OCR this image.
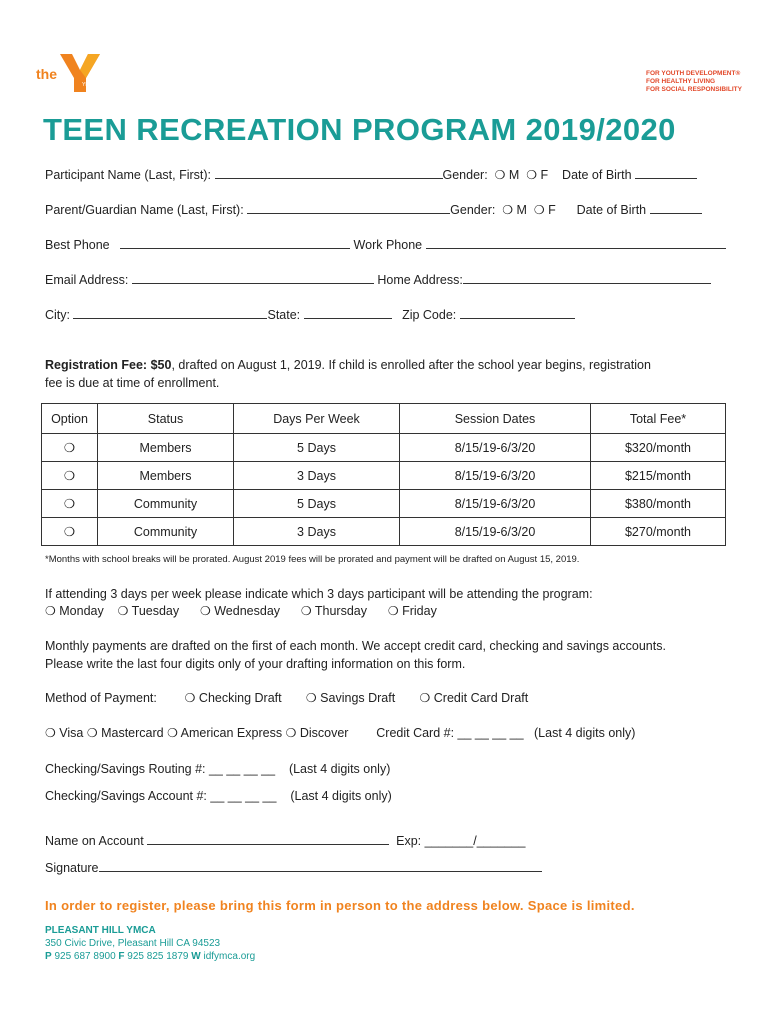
the
YMCA
FOR YOUTH DEVELOPMENT®
FOR HEALTHY LIVING
FOR SOCIAL RESPONSIBILITY
TEEN RECREATION PROGRAM 2019/2020
Participant Name (Last, First):	Gender: ❍ M ❍ F Date of Birth
Parent/Guardian Name (Last, First):	Gender: ❍ M ❍ F Date of Birth
Best Phone	Work Phone
Email Address:	Home Address:
City:	State:	Zip Code:
Registration Fee: $50, drafted on August 1, 2019. If child is enrolled after the school year begins, registration
fee is due at time of enrollment.
Option	Status	Days Per Week	Session Dates	Total Fee*
❍	Members	5 Days	8/15/19-6/3/20	$320/month
❍	Members	3 Days	8/15/19-6/3/20	$215/month
❍	Community	5 Days	8/15/19-6/3/20	$380/month
❍	Community	3 Days	8/15/19-6/3/20	$270/month
*Months with school breaks will be prorated. August 2019 fees will be prorated and payment will be drafted on August 15, 2019.
If attending 3 days per week please indicate which 3 days participant will be attending the program:
❍ Monday ❍ Tuesday ❍ Wednesday ❍ Thursday ❍ Friday
Monthly payments are drafted on the first of each month. We accept credit card, checking and savings accounts.
Please write the last four digits only of your drafting information on this form.
Method of Payment: ❍ Checking Draft ❍ Savings Draft ❍ Credit Card Draft
❍ Visa ❍ Mastercard ❍ American Express ❍ Discover Credit Card #: __ __ __ __ (Last 4 digits only)
Checking/Savings Routing #: __ __ __ __ (Last 4 digits only)
Checking/Savings Account #: __ __ __ __ (Last 4 digits only)
Name on Account	Exp: _______/_______
Signature
In order to register, please bring this form in person to the address below. Space is limited.
PLEASANT HILL YMCA
350 Civic Drive, Pleasant Hill CA 94523
P 925 687 8900 F 925 825 1879 W idfymca.org
